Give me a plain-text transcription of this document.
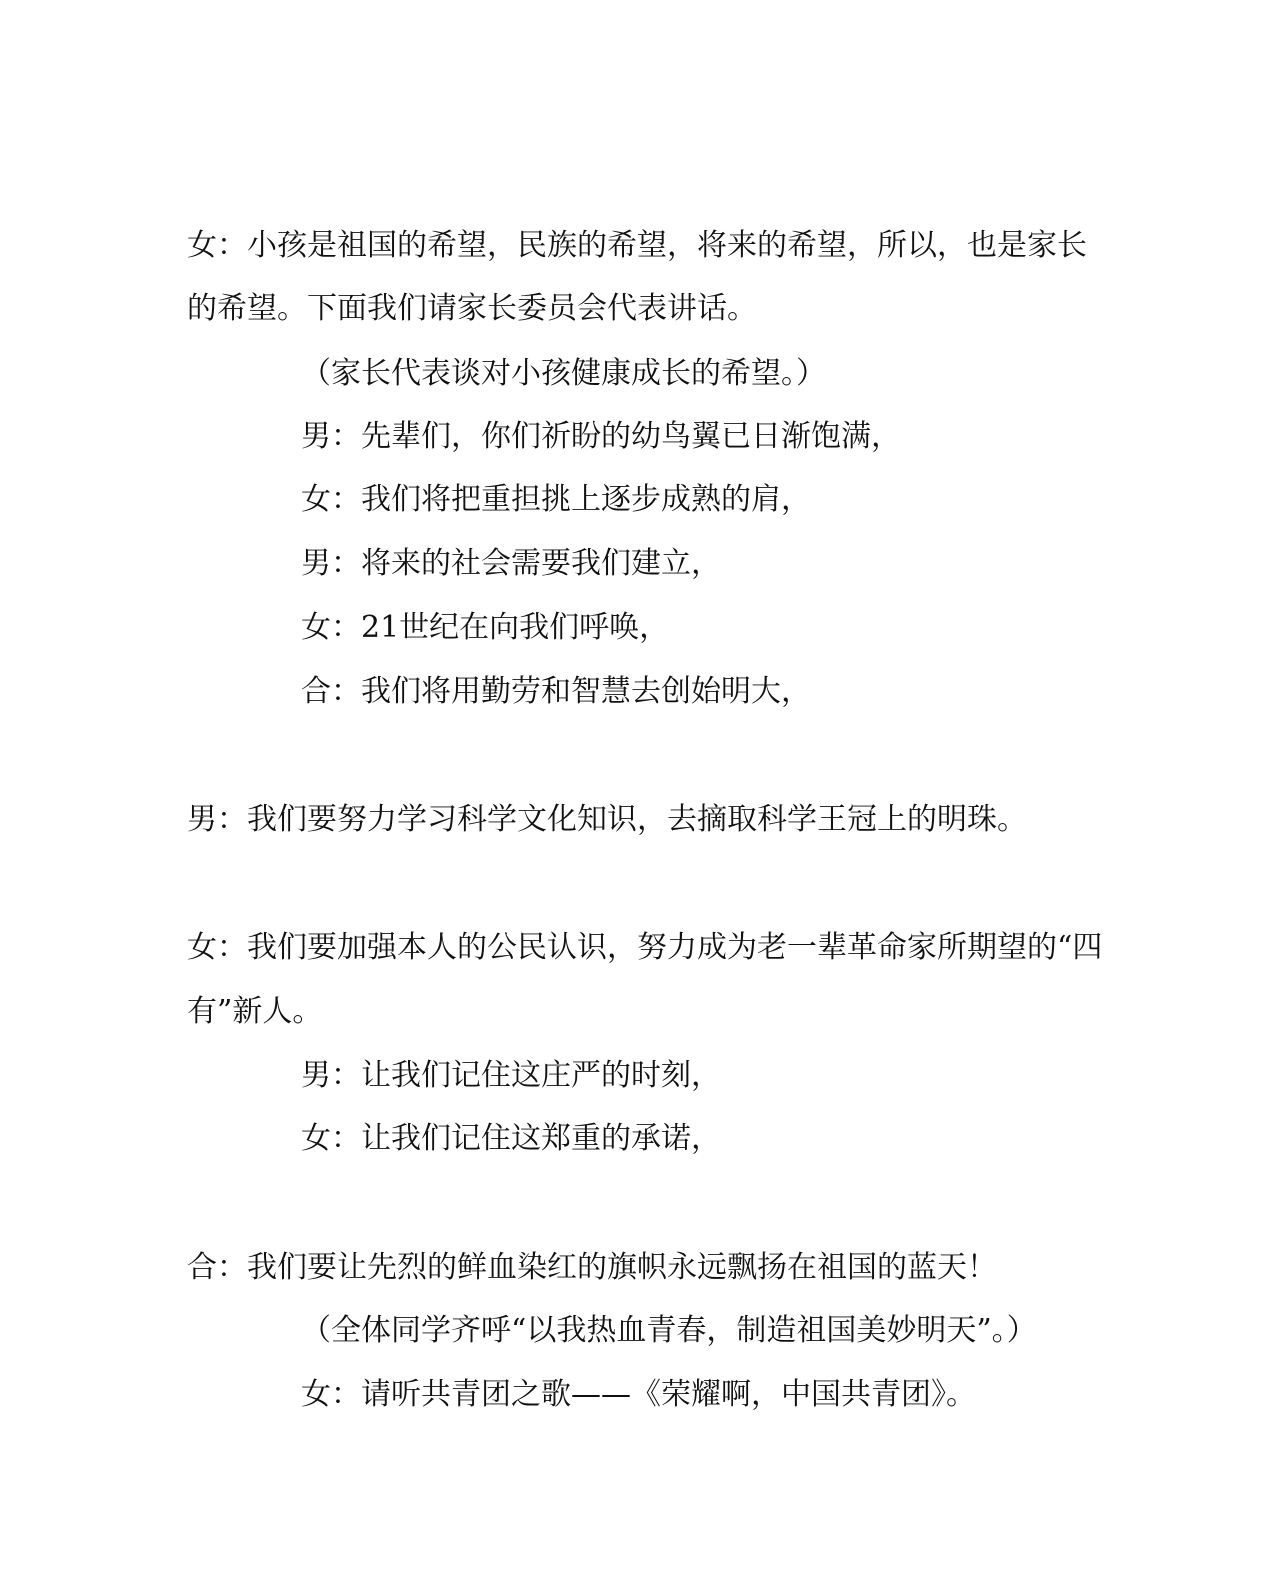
女：小孩是祖国的希望，民族的希望，将来的希望，所以，也是家长

的希望。下面我们请家长委员会代表讲话。

（家长代表谈对小孩健康成长的希望。）

男：先辈们，你们祈盼的幼鸟翼已日渐饱满，

女：我们将把重担挑上逐步成熟的肩，

男：将来的社会需要我们建立，

女：21世纪在向我们呼唤，

合：我们将用勤劳和智慧去创始明大，

男：我们要努力学习科学文化知识，去摘取科学王冠上的明珠。

女：我们要加强本人的公民认识，努力成为老一辈革命家所期望的“四

有”新人。

男：让我们记住这庄严的时刻，

女：让我们记住这郑重的承诺，

合：我们要让先烈的鲜血染红的旗帜永远飘扬在祖国的蓝天！

（全体同学齐呼“以我热血青春，制造祖国美妙明天”。）

女：请听共青团之歌——《荣耀啊，中国共青团》。
